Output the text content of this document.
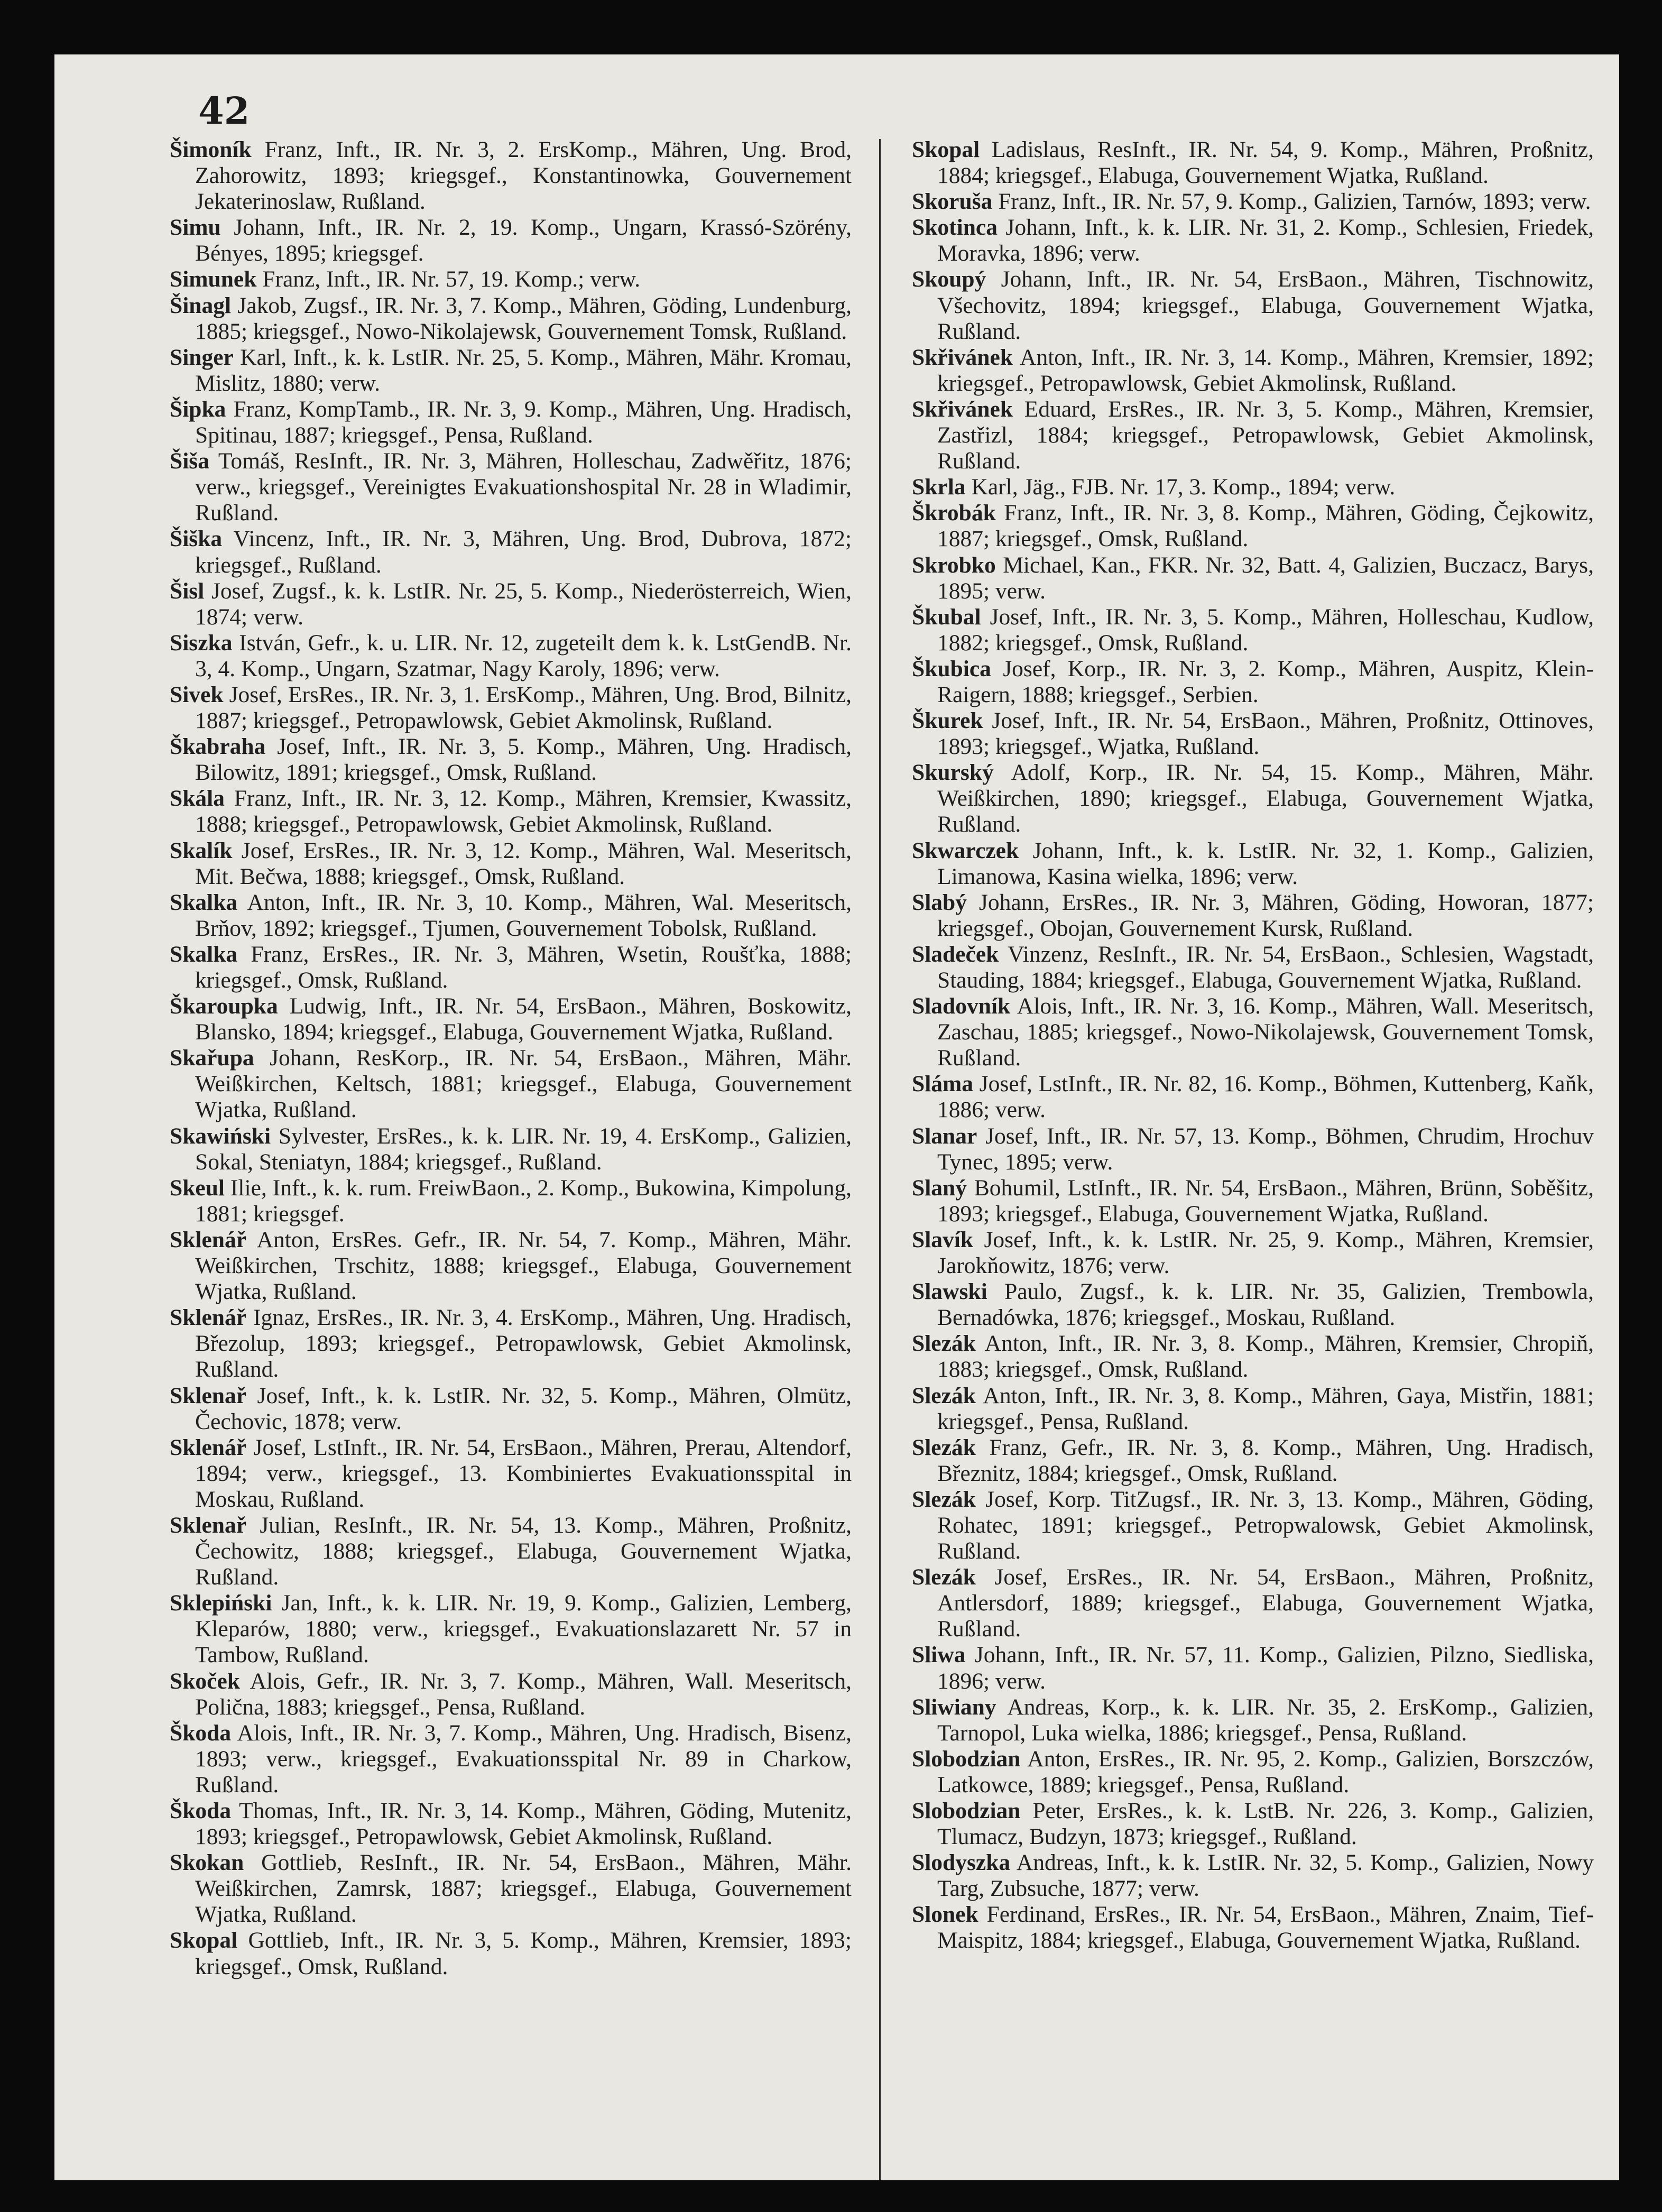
42

Šimoník Franz, Inft., IR. Nr. 3, 2. ErsKomp., Mähren, Ung. Brod, Zahorowitz, 1893; kriegsgef., Konstantinowka, Gouvernement Jekaterinoslaw, Rußland.

Simu Johann, Inft., IR. Nr. 2, 19. Komp., Ungarn, Krassó-Szörény, Bényes, 1895; kriegsgef.

Simunek Franz, Inft., IR. Nr. 57, 19. Komp.; verw.

Šinagl Jakob, Zugsf., IR. Nr. 3, 7. Komp., Mähren, Göding, Lundenburg, 1885; kriegsgef., Nowo-Nikolajewsk, Gouvernement Tomsk, Rußland.

Singer Karl, Inft., k. k. LstIR. Nr. 25, 5. Komp., Mähren, Mähr. Kromau, Mislitz, 1880; verw.

Šipka Franz, KompTamb., IR. Nr. 3, 9. Komp., Mähren, Ung. Hradisch, Spitinau, 1887; kriegsgef., Pensa, Rußland.

Šiša Tomáš, ResInft., IR. Nr. 3, Mähren, Holleschau, Zadwěřitz, 1876; verw., kriegsgef., Vereinigtes Evakuationshospital Nr. 28 in Wladimir, Rußland.

Šiška Vincenz, Inft., IR. Nr. 3, Mähren, Ung. Brod, Dubrova, 1872; kriegsgef., Rußland.

Šisl Josef, Zugsf., k. k. LstIR. Nr. 25, 5. Komp., Niederösterreich, Wien, 1874; verw.

Siszka István, Gefr., k. u. LIR. Nr. 12, zugeteilt dem k. k. LstGendB. Nr. 3, 4. Komp., Ungarn, Szatmar, Nagy Karoly, 1896; verw.

Sivek Josef, ErsRes., IR. Nr. 3, 1. ErsKomp., Mähren, Ung. Brod, Bilnitz, 1887; kriegsgef., Petropawlowsk, Gebiet Akmolinsk, Rußland.

Škabraha Josef, Inft., IR. Nr. 3, 5. Komp., Mähren, Ung. Hradisch, Bilowitz, 1891; kriegsgef., Omsk, Rußland.

Skála Franz, Inft., IR. Nr. 3, 12. Komp., Mähren, Kremsier, Kwassitz, 1888; kriegsgef., Petropawlowsk, Gebiet Akmolinsk, Rußland.

Skalík Josef, ErsRes., IR. Nr. 3, 12. Komp., Mähren, Wal. Meseritsch, Mit. Bečwa, 1888; kriegsgef., Omsk, Rußland.

Skalka Anton, Inft., IR. Nr. 3, 10. Komp., Mähren, Wal. Meseritsch, Brňov, 1892; kriegsgef., Tjumen, Gouvernement Tobolsk, Rußland.

Skalka Franz, ErsRes., IR. Nr. 3, Mähren, Wsetin, Roušťka, 1888; kriegsgef., Omsk, Rußland.

Škaroupka Ludwig, Inft., IR. Nr. 54, ErsBaon., Mähren, Boskowitz, Blansko, 1894; kriegsgef., Elabuga, Gouvernement Wjatka, Rußland.

Skařupa Johann, ResKorp., IR. Nr. 54, ErsBaon., Mähren, Mähr. Weißkirchen, Keltsch, 1881; kriegsgef., Elabuga, Gouvernement Wjatka, Rußland.

Skawiński Sylvester, ErsRes., k. k. LIR. Nr. 19, 4. ErsKomp., Galizien, Sokal, Steniatyn, 1884; kriegsgef., Rußland.

Skeul Ilie, Inft., k. k. rum. FreiwBaon., 2. Komp., Bukowina, Kimpolung, 1881; kriegsgef.

Sklenář Anton, ErsRes. Gefr., IR. Nr. 54, 7. Komp., Mähren, Mähr. Weißkirchen, Trschitz, 1888; kriegsgef., Elabuga, Gouvernement Wjatka, Rußland.

Sklenář Ignaz, ErsRes., IR. Nr. 3, 4. ErsKomp., Mähren, Ung. Hradisch, Březolup, 1893; kriegsgef., Petropawlowsk, Gebiet Akmolinsk, Rußland.

Sklenař Josef, Inft., k. k. LstIR. Nr. 32, 5. Komp., Mähren, Olmütz, Čechovic, 1878; verw.

Sklenář Josef, LstInft., IR. Nr. 54, ErsBaon., Mähren, Prerau, Altendorf, 1894; verw., kriegsgef., 13. Kombiniertes Evakuationsspital in Moskau, Rußland.

Sklenař Julian, ResInft., IR. Nr. 54, 13. Komp., Mähren, Proßnitz, Čechowitz, 1888; kriegsgef., Elabuga, Gouvernement Wjatka, Rußland.

Sklepiński Jan, Inft., k. k. LIR. Nr. 19, 9. Komp., Galizien, Lemberg, Kleparów, 1880; verw., kriegsgef., Evakuationslazarett Nr. 57 in Tambow, Rußland.

Skoček Alois, Gefr., IR. Nr. 3, 7. Komp., Mähren, Wall. Meseritsch, Polična, 1883; kriegsgef., Pensa, Rußland.

Škoda Alois, Inft., IR. Nr. 3, 7. Komp., Mähren, Ung. Hradisch, Bisenz, 1893; verw., kriegsgef., Evakuationsspital Nr. 89 in Charkow, Rußland.

Škoda Thomas, Inft., IR. Nr. 3, 14. Komp., Mähren, Göding, Mutenitz, 1893; kriegsgef., Petropawlowsk, Gebiet Akmolinsk, Rußland.

Skokan Gottlieb, ResInft., IR. Nr. 54, ErsBaon., Mähren, Mähr. Weißkirchen, Zamrsk, 1887; kriegsgef., Elabuga, Gouvernement Wjatka, Rußland.

Skopal Gottlieb, Inft., IR. Nr. 3, 5. Komp., Mähren, Kremsier, 1893; kriegsgef., Omsk, Rußland.

Skopal Ladislaus, ResInft., IR. Nr. 54, 9. Komp., Mähren, Proßnitz, 1884; kriegsgef., Elabuga, Gouvernement Wjatka, Rußland.

Skoruša Franz, Inft., IR. Nr. 57, 9. Komp., Galizien, Tarnów, 1893; verw.

Skotinca Johann, Inft., k. k. LIR. Nr. 31, 2. Komp., Schlesien, Friedek, Moravka, 1896; verw.

Skoupý Johann, Inft., IR. Nr. 54, ErsBaon., Mähren, Tischnowitz, Všechovitz, 1894; kriegsgef., Elabuga, Gouvernement Wjatka, Rußland.

Skřivánek Anton, Inft., IR. Nr. 3, 14. Komp., Mähren, Kremsier, 1892; kriegsgef., Petropawlowsk, Gebiet Akmolinsk, Rußland.

Skřivánek Eduard, ErsRes., IR. Nr. 3, 5. Komp., Mähren, Kremsier, Zastřizl, 1884; kriegsgef., Petropawlowsk, Gebiet Akmolinsk, Rußland.

Skrla Karl, Jäg., FJB. Nr. 17, 3. Komp., 1894; verw.

Škrobák Franz, Inft., IR. Nr. 3, 8. Komp., Mähren, Göding, Čejkowitz, 1887; kriegsgef., Omsk, Rußland.

Skrobko Michael, Kan., FKR. Nr. 32, Batt. 4, Galizien, Buczacz, Barys, 1895; verw.

Škubal Josef, Inft., IR. Nr. 3, 5. Komp., Mähren, Holleschau, Kudlow, 1882; kriegsgef., Omsk, Rußland.

Škubica Josef, Korp., IR. Nr. 3, 2. Komp., Mähren, Auspitz, Klein-Raigern, 1888; kriegsgef., Serbien.

Škurek Josef, Inft., IR. Nr. 54, ErsBaon., Mähren, Proßnitz, Ottinoves, 1893; kriegsgef., Wjatka, Rußland.

Skurský Adolf, Korp., IR. Nr. 54, 15. Komp., Mähren, Mähr. Weißkirchen, 1890; kriegsgef., Elabuga, Gouvernement Wjatka, Rußland.

Skwarczek Johann, Inft., k. k. LstIR. Nr. 32, 1. Komp., Galizien, Limanowa, Kasina wielka, 1896; verw.

Slabý Johann, ErsRes., IR. Nr. 3, Mähren, Göding, Howoran, 1877; kriegsgef., Obojan, Gouvernement Kursk, Rußland.

Sladeček Vinzenz, ResInft., IR. Nr. 54, ErsBaon., Schlesien, Wagstadt, Stauding, 1884; kriegsgef., Elabuga, Gouvernement Wjatka, Rußland.

Sladovník Alois, Inft., IR. Nr. 3, 16. Komp., Mähren, Wall. Meseritsch, Zaschau, 1885; kriegsgef., Nowo-Nikolajewsk, Gouvernement Tomsk, Rußland.

Sláma Josef, LstInft., IR. Nr. 82, 16. Komp., Böhmen, Kuttenberg, Kaňk, 1886; verw.

Slanar Josef, Inft., IR. Nr. 57, 13. Komp., Böhmen, Chrudim, Hrochuv Tynec, 1895; verw.

Slaný Bohumil, LstInft., IR. Nr. 54, ErsBaon., Mähren, Brünn, Soběšitz, 1893; kriegsgef., Elabuga, Gouvernement Wjatka, Rußland.

Slavík Josef, Inft., k. k. LstIR. Nr. 25, 9. Komp., Mähren, Kremsier, Jarokňowitz, 1876; verw.

Slawski Paulo, Zugsf., k. k. LIR. Nr. 35, Galizien, Trembowla, Bernadówka, 1876; kriegsgef., Moskau, Rußland.

Slezák Anton, Inft., IR. Nr. 3, 8. Komp., Mähren, Kremsier, Chropiň, 1883; kriegsgef., Omsk, Rußland.

Slezák Anton, Inft., IR. Nr. 3, 8. Komp., Mähren, Gaya, Mistřin, 1881; kriegsgef., Pensa, Rußland.

Slezák Franz, Gefr., IR. Nr. 3, 8. Komp., Mähren, Ung. Hradisch, Březnitz, 1884; kriegsgef., Omsk, Rußland.

Slezák Josef, Korp. TitZugsf., IR. Nr. 3, 13. Komp., Mähren, Göding, Rohatec, 1891; kriegsgef., Petropwalowsk, Gebiet Akmolinsk, Rußland.

Slezák Josef, ErsRes., IR. Nr. 54, ErsBaon., Mähren, Proßnitz, Antlersdorf, 1889; kriegsgef., Elabuga, Gouvernement Wjatka, Rußland.

Sliwa Johann, Inft., IR. Nr. 57, 11. Komp., Galizien, Pilzno, Siedliska, 1896; verw.

Sliwiany Andreas, Korp., k. k. LIR. Nr. 35, 2. ErsKomp., Galizien, Tarnopol, Luka wielka, 1886; kriegsgef., Pensa, Rußland.

Slobodzian Anton, ErsRes., IR. Nr. 95, 2. Komp., Galizien, Borszczów, Latkowce, 1889; kriegsgef., Pensa, Rußland.

Slobodzian Peter, ErsRes., k. k. LstB. Nr. 226, 3. Komp., Galizien, Tlumacz, Budzyn, 1873; kriegsgef., Rußland.

Slodyszka Andreas, Inft., k. k. LstIR. Nr. 32, 5. Komp., Galizien, Nowy Targ, Zubsuche, 1877; verw.

Slonek Ferdinand, ErsRes., IR. Nr. 54, ErsBaon., Mähren, Znaim, Tief-Maispitz, 1884; kriegsgef., Elabuga, Gouvernement Wjatka, Rußland.
